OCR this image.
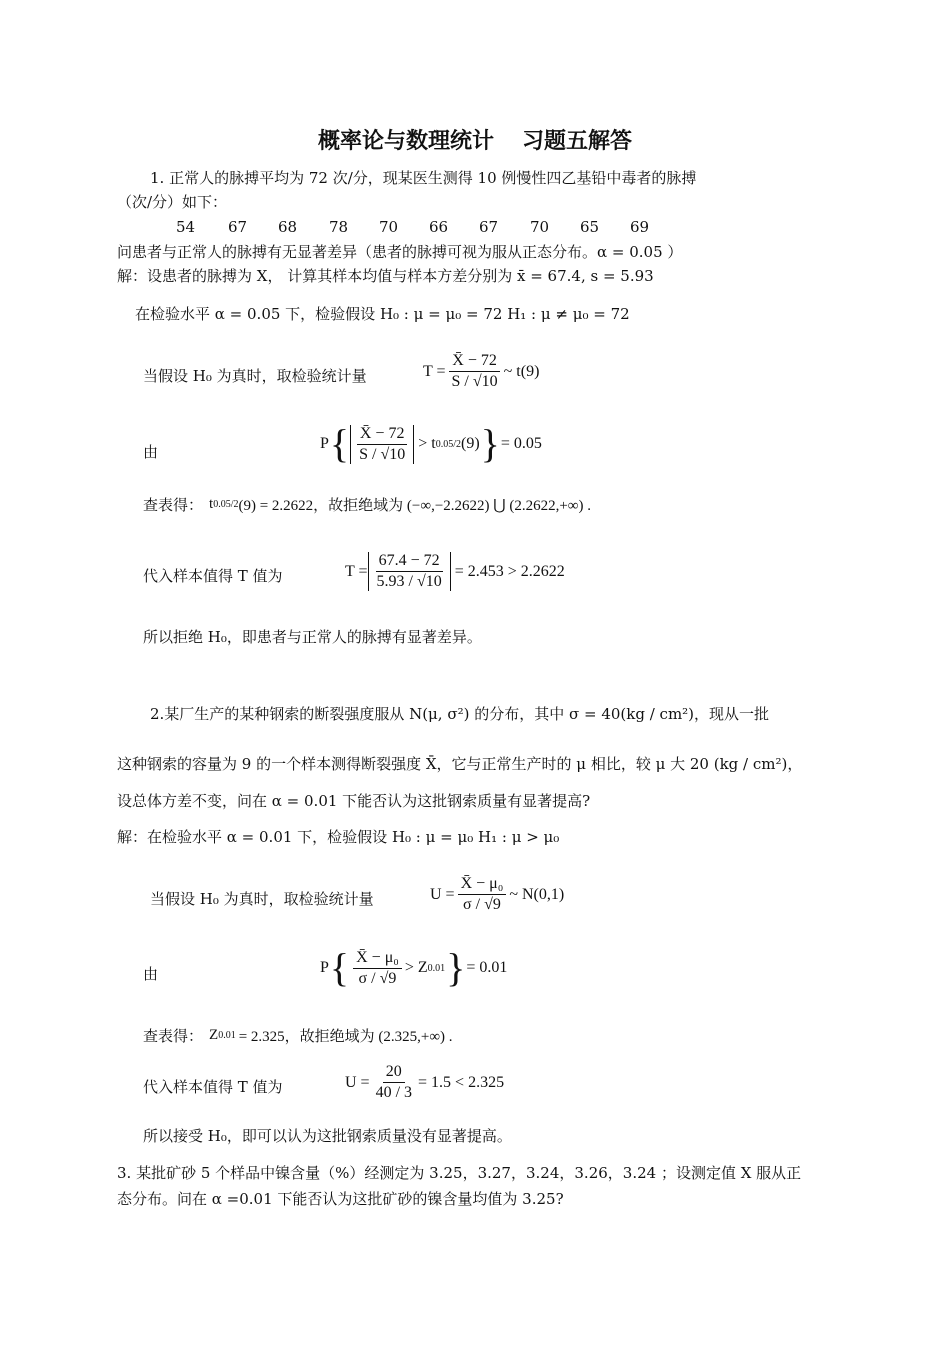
概率论与数理统计 习题五解答
1. 正常人的脉搏平均为 72 次/分，现某医生测得 10 例慢性四乙基铅中毒者的脉搏
（次/分）如下：
54 67 68 78 70 66 67 70 65 69
问患者与正常人的脉搏有无显著差异（患者的脉搏可视为服从正态分布。α = 0.05 ）
解：设患者的脉搏为 X， 计算其样本均值与样本方差分别为 x̄ = 67.4, s = 5.93
在检验水平 α = 0.05 下，检验假设 H₀ : μ = μ₀ = 72 H₁ : μ ≠ μ₀ = 72
当假设 H₀ 为真时，取检验统计量	$T = \frac{X̄ - 72}{S / √10}$ ~ t(9)
由	P { $\frac{X̄ - 72}{S / √10} > t$ 0.05/2 (9) } = 0.05
查表得： t 0.05/2 (9) = 2.2622，故拒绝域为 (−∞,−2.2622) ⋃ (2.2622,+∞) .
代入样本值得 T 值为	$T = \frac{67.4 - 72}{5.93 / √10} = 2.453 > 2.2622$
所以拒绝 H₀，即患者与正常人的脉搏有显著差异。
2.某厂生产的某种钢索的断裂强度服从 N(μ, σ²) 的分布，其中 σ = 40(kg / cm²)，现从一批
这种钢索的容量为 9 的一个样本测得断裂强度 X̄，它与正常生产时的 μ 相比，较 μ 大 20 (kg / cm²)，
设总体方差不变，问在 α = 0.01 下能否认为这批钢索质量有显著提高?
解：在检验水平 α = 0.01 下，检验假设 H₀ : μ = μ₀ H₁ : μ > μ₀
当假设 H₀ 为真时，取检验统计量	$U = \frac{\text{X̄ − μ₀}}{\sigma / √9}$ ~ N(0,1)
由	P { $\frac{\text{X̄ − μ₀}}{\sigma / √9} > Z$ 0.01 } = 0.01
查表得： Z 0.01 = 2.325，故拒绝域为 (2.325,+∞) .
代入样本值得 T 值为	$U = \frac{20}{40 / 3} = 1.5 < 2.325$
所以接受 H₀，即可以认为这批钢索质量没有显著提高。
3. 某批矿砂 5 个样品中镍含量（%）经测定为 3.25，3.27，3.24，3.26，3.24 ；设测定值 X 服从正
态分布。问在 α =0.01 下能否认为这批矿砂的镍含量均值为 3.25?
